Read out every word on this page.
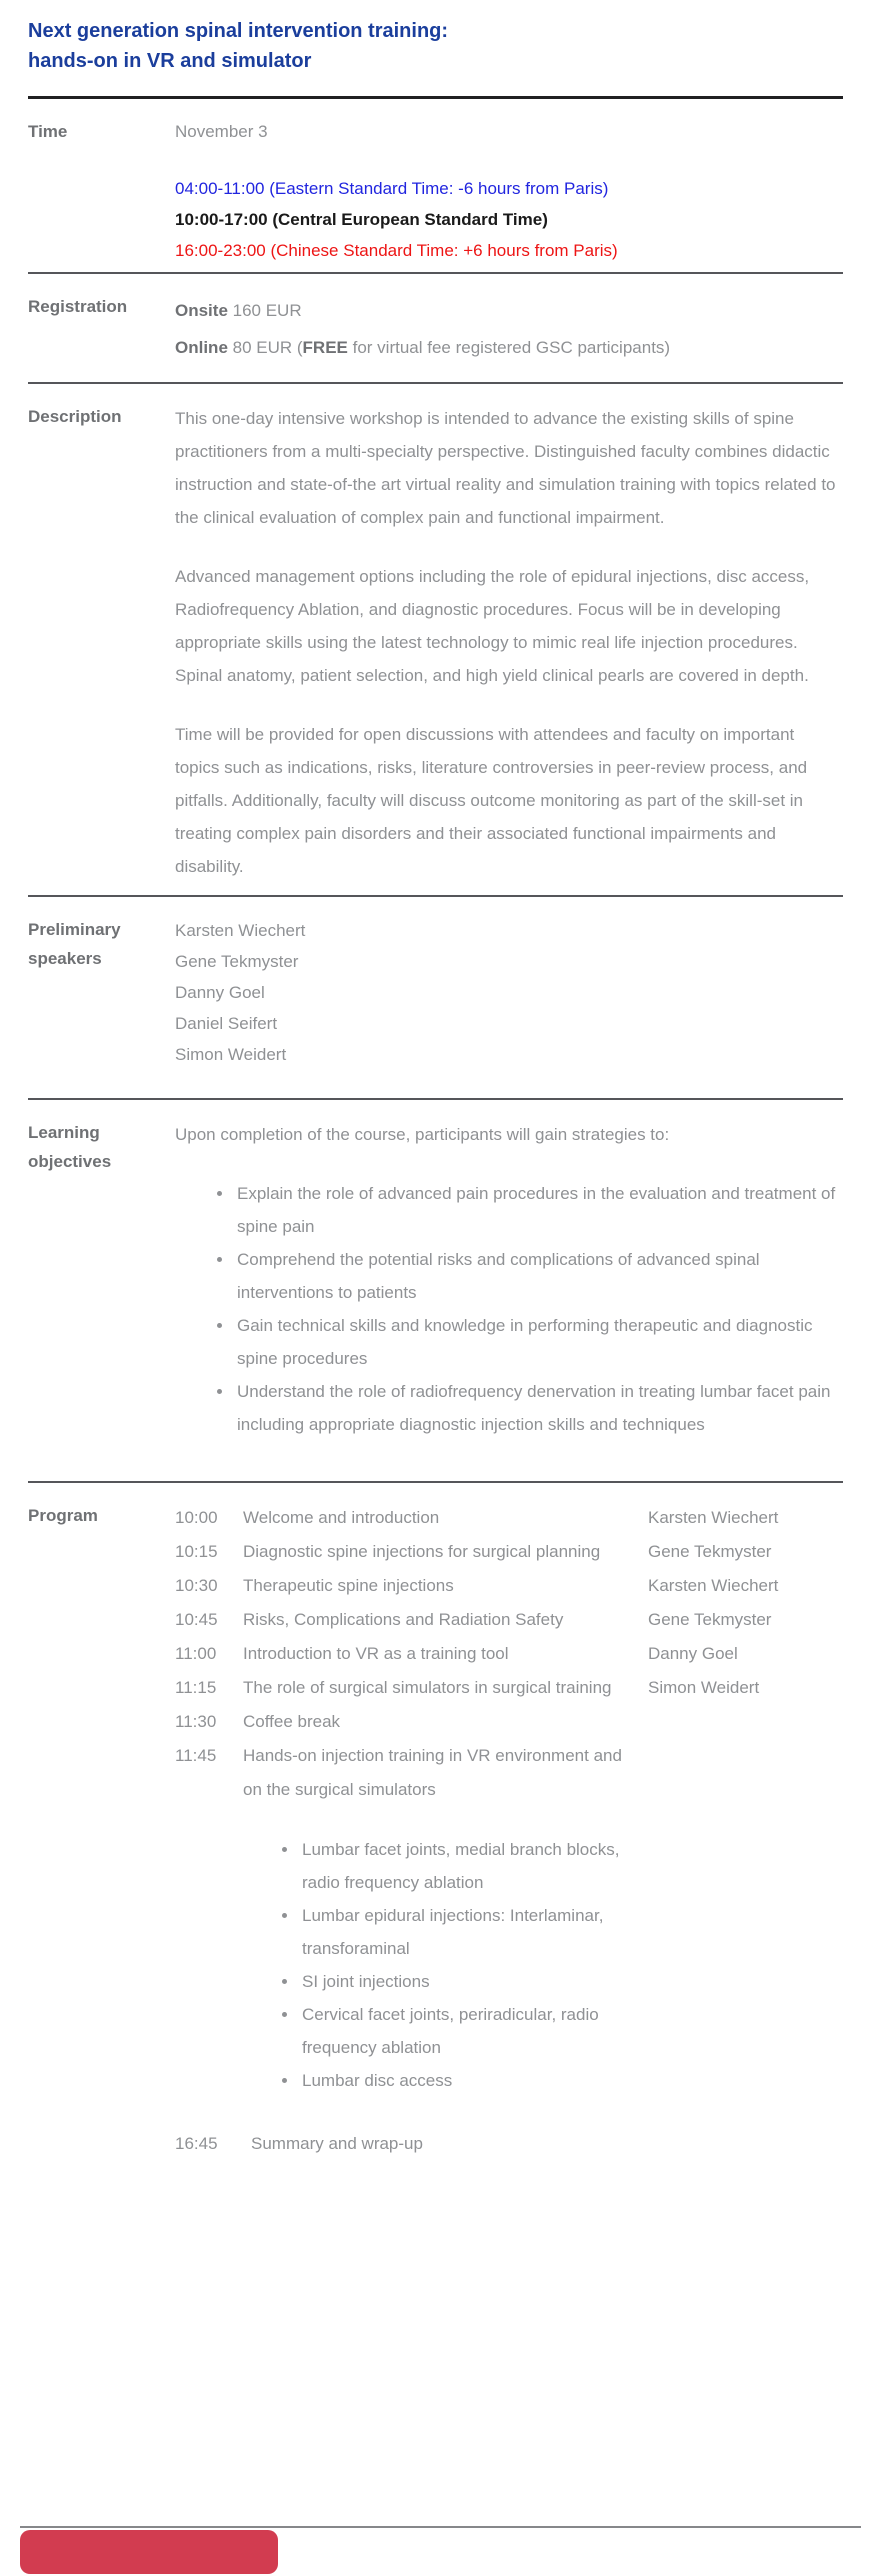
Next generation spinal intervention training:
hands-on in VR and simulator
Time	November 3
04:00-11:00 (Eastern Standard Time: -6 hours from Paris)
10:00-17:00 (Central European Standard Time)
16:00-23:00 (Chinese Standard Time: +6 hours from Paris)
Registration	Onsite 160 EUR
Online 80 EUR (FREE for virtual fee registered GSC participants)
Description	This one-day intensive workshop is intended to advance the existing skills of spine practitioners from a multi-specialty perspective. Distinguished faculty combines didactic instruction and state-of-the art virtual reality and simulation training with topics related to the clinical evaluation of complex pain and functional impairment.

Advanced management options including the role of epidural injections, disc access, Radiofrequency Ablation, and diagnostic procedures. Focus will be in developing appropriate skills using the latest technology to mimic real life injection procedures. Spinal anatomy, patient selection, and high yield clinical pearls are covered in depth.

Time will be provided for open discussions with attendees and faculty on important topics such as indications, risks, literature controversies in peer-review process, and pitfalls. Additionally, faculty will discuss outcome monitoring as part of the skill-set in treating complex pain disorders and their associated functional impairments and disability.

Preliminary speakers
Karsten Wiechert
Gene Tekmyster
Danny Goel
Daniel Seifert
Simon Weidert
Learning objectives
Upon completion of the course, participants will gain strategies to:
Explain the role of advanced pain procedures in the evaluation and treatment of spine pain
Comprehend the potential risks and complications of advanced spinal interventions to patients
Gain technical skills and knowledge in performing therapeutic and diagnostic spine procedures
Understand the role of radiofrequency denervation in treating lumbar facet pain including appropriate diagnostic injection skills and techniques
Program	10:00	Welcome and introduction	Karsten Wiechert
10:15	Diagnostic spine injections for surgical planning	Gene Tekmyster
10:30	Therapeutic spine injections	Karsten Wiechert
10:45	Risks, Complications and Radiation Safety	Gene Tekmyster
11:00	Introduction to VR as a training tool	Danny Goel
11:15	The role of surgical simulators in surgical training	Simon Weidert
11:30	Coffee break
11:45	Hands-on injection training in VR environment and on the surgical simulators
Lumbar facet joints, medial branch blocks, radio frequency ablation
Lumbar epidural injections: Interlaminar, transforaminal
SI joint injections
Cervical facet joints, periradicular, radio frequency ablation
Lumbar disc access
16:45	Summary and wrap-up
